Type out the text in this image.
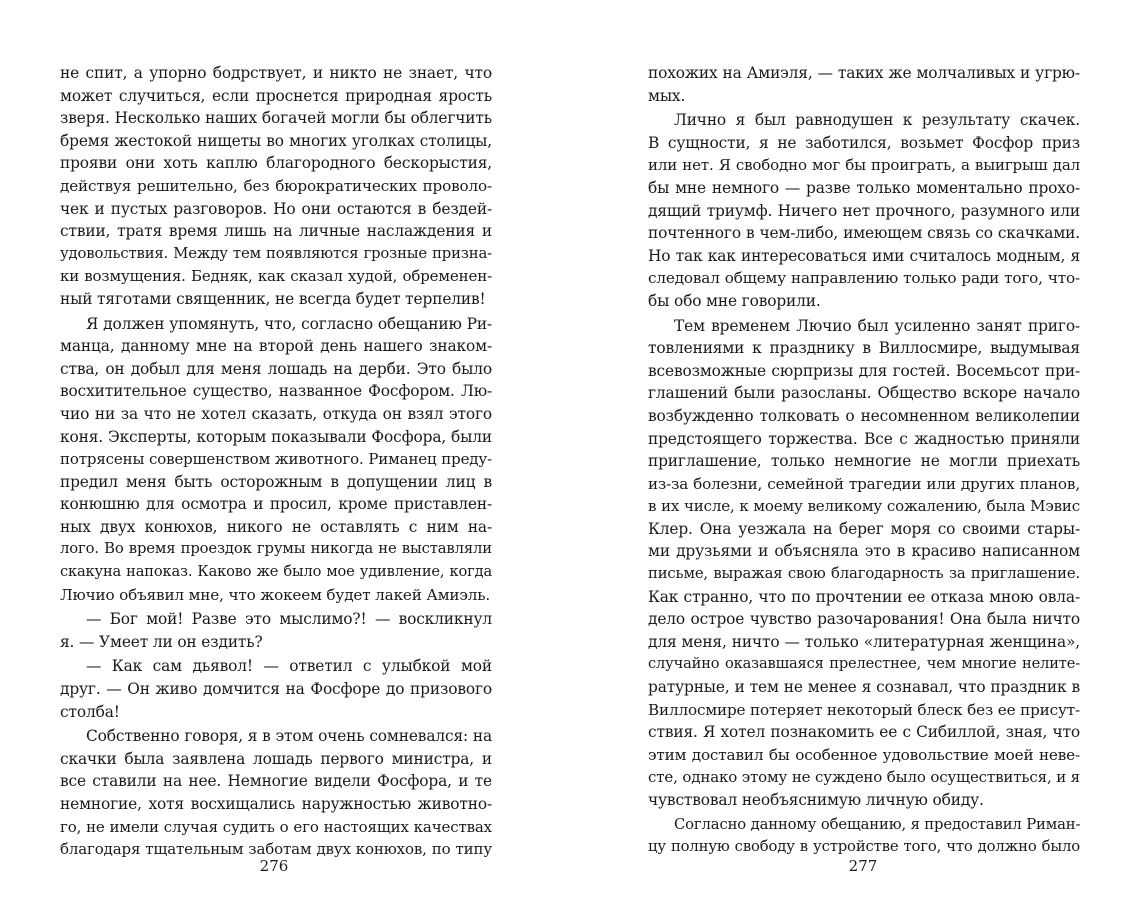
не спит, а упорно бодрствует, и никто не знает, что
может случиться, если проснется природная ярость
зверя. Несколько наших богачей могли бы облегчить
бремя жестокой нищеты во многих уголках столицы,
прояви они хоть каплю благородного бескорыстия,
действуя решительно, без бюрократических проволо-
чек и пустых разговоров. Но они остаются в бездей-
ствии, тратя время лишь на личные наслаждения и
удовольствия. Между тем появляются грозные призна-
ки возмущения. Бедняк, как сказал худой, обременен-
ный тяготами священник, не всегда будет терпелив!
Я должен упомянуть, что, согласно обещанию Ри-
манца, данному мне на второй день нашего знаком-
ства, он добыл для меня лошадь на дерби. Это было
восхитительное существо, названное Фосфором. Лю-
чио ни за что не хотел сказать, откуда он взял этого
коня. Эксперты, которым показывали Фосфора, были
потрясены совершенством животного. Риманец преду-
предил меня быть осторожным в допущении лиц в
конюшню для осмотра и просил, кроме приставлен-
ных двух конюхов, никого не оставлять с ним на-
лого. Во время проездок грумы никогда не выставляли
скакуна напоказ. Каково же было мое удивление, когда
Лючио объявил мне, что жокеем будет лакей Амиэль.
— Бог мой! Разве это мыслимо?! — воскликнул
я. — Умеет ли он ездить?
— Как сам дьявол! — ответил с улыбкой мой
друг. — Он живо домчится на Фосфоре до призового
столба!
Собственно говоря, я в этом очень сомневался: на
скачки была заявлена лошадь первого министра, и
все ставили на нее. Немногие видели Фосфора, и те
немногие, хотя восхищались наружностью животно-
го, не имели случая судить о его настоящих качествах
благодаря тщательным заботам двух конюхов, по типу
276
похожих на Амиэля, — таких же молчаливых и угрю-
мых.
Лично я был равнодушен к результату скачек.
В сущности, я не заботился, возьмет Фосфор приз
или нет. Я свободно мог бы проиграть, а выигрыш дал
бы мне немного — разве только моментально прохо-
дящий триумф. Ничего нет прочного, разумного или
почтенного в чем-либо, имеющем связь со скачками.
Но так как интересоваться ими считалось модным, я
следовал общему направлению только ради того, что-
бы обо мне говорили.
Тем временем Лючио был усиленно занят приго-
товлениями к празднику в Виллосмире, выдумывая
всевозможные сюрпризы для гостей. Восемьсот при-
глашений были разосланы. Общество вскоре начало
возбужденно толковать о несомненном великолепии
предстоящего торжества. Все с жадностью приняли
приглашение, только немногие не могли приехать
из-за болезни, семейной трагедии или других планов,
в их числе, к моему великому сожалению, была Мэвис
Клер. Она уезжала на берег моря со своими стары-
ми друзьями и объясняла это в красиво написанном
письме, выражая свою благодарность за приглашение.
Как странно, что по прочтении ее отказа мною овла-
дело острое чувство разочарования! Она была ничто
для меня, ничто — только «литературная женщина»,
случайно оказавшаяся прелестнее, чем многие нелите-
ратурные, и тем не менее я сознавал, что праздник в
Виллосмире потеряет некоторый блеск без ее присут-
ствия. Я хотел познакомить ее с Сибиллой, зная, что
этим доставил бы особенное удовольствие моей невe-
сте, однако этому не суждено было осуществиться, и я
чувствовал необъяснимую личную обиду.
Согласно данному обещанию, я предоставил Риман-
цу полную свободу в устройстве того, что должно было
277
